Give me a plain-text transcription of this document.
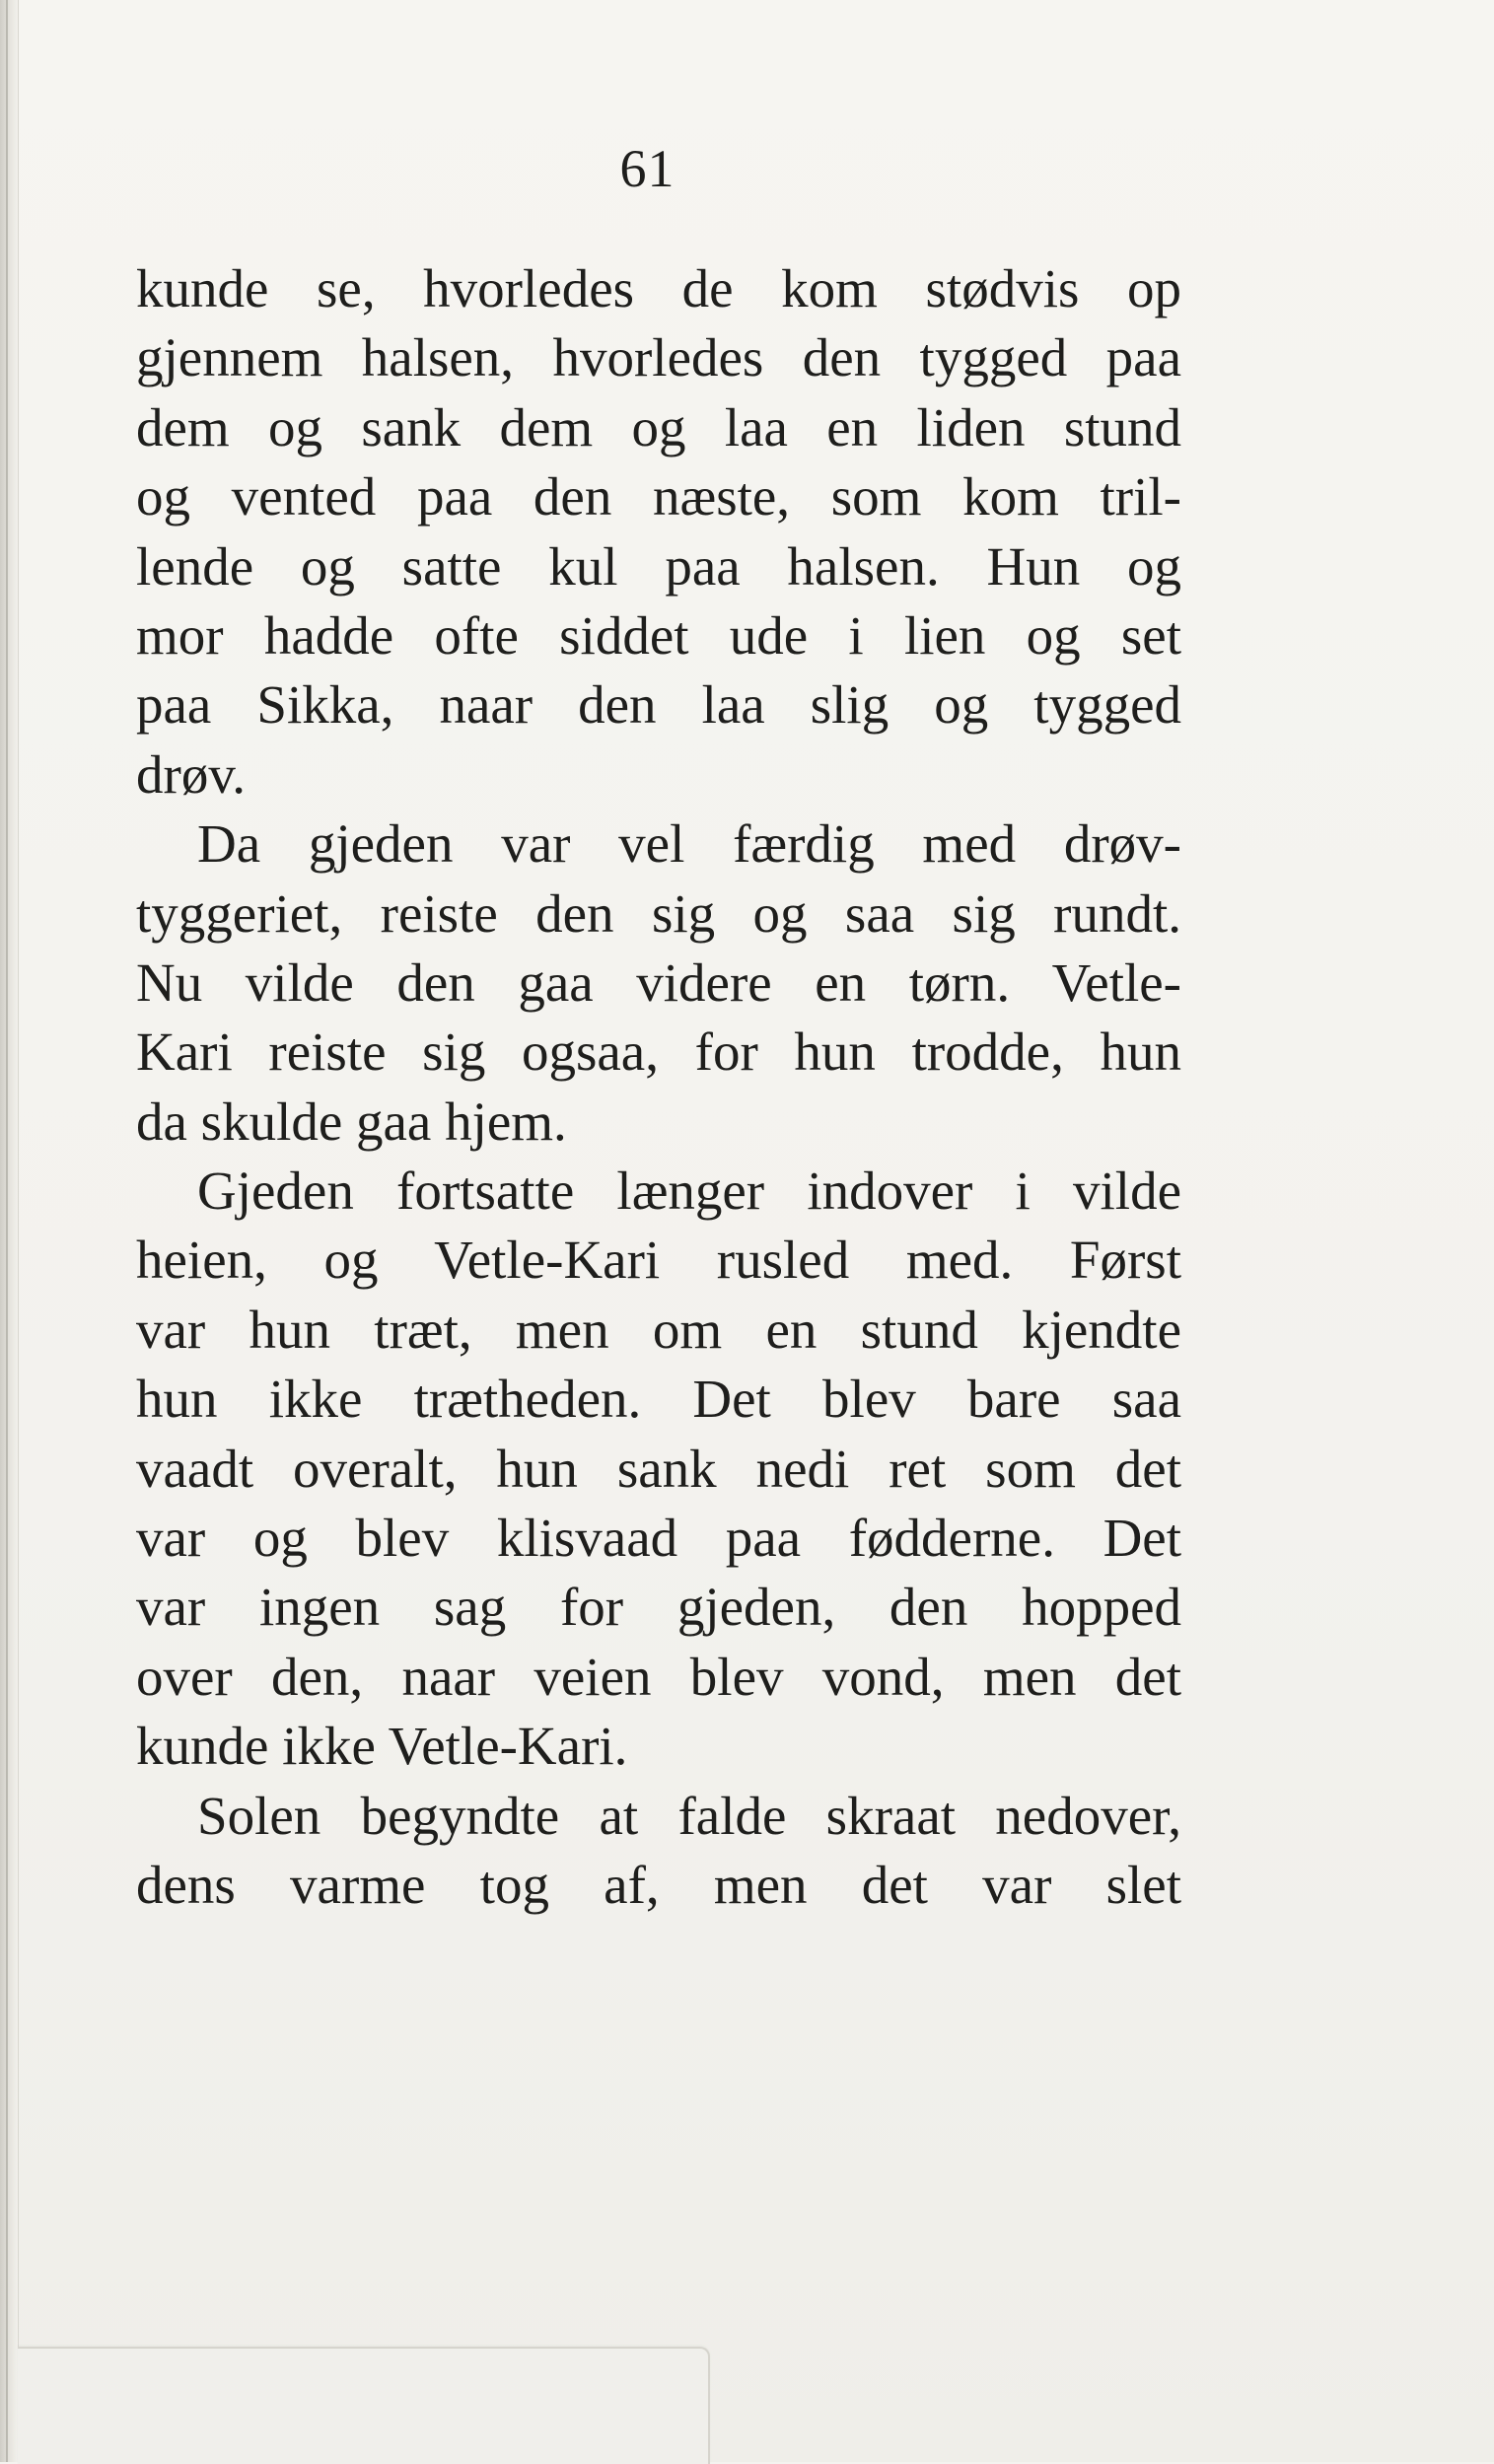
61
kunde se, hvorledes de kom stødvis op
gjennem halsen, hvorledes den tygged paa
dem og sank dem og laa en liden stund
og vented paa den næste, som kom tril-
lende og satte kul paa halsen. Hun og
mor hadde ofte siddet ude i lien og set
paa Sikka, naar den laa slig og tygged
drøv.
Da gjeden var vel færdig med drøv-
tyggeriet, reiste den sig og saa sig rundt.
Nu vilde den gaa videre en tørn. Vetle-
Kari reiste sig ogsaa, for hun trodde, hun
da skulde gaa hjem.
Gjeden fortsatte længer indover i vilde
heien, og Vetle-Kari rusled med. Først
var hun træt, men om en stund kjendte
hun ikke trætheden. Det blev bare saa
vaadt overalt, hun sank nedi ret som det
var og blev klisvaad paa fødderne. Det
var ingen sag for gjeden, den hopped
over den, naar veien blev vond, men det
kunde ikke Vetle-Kari.
Solen begyndte at falde skraat nedover,
dens varme tog af, men det var slet
